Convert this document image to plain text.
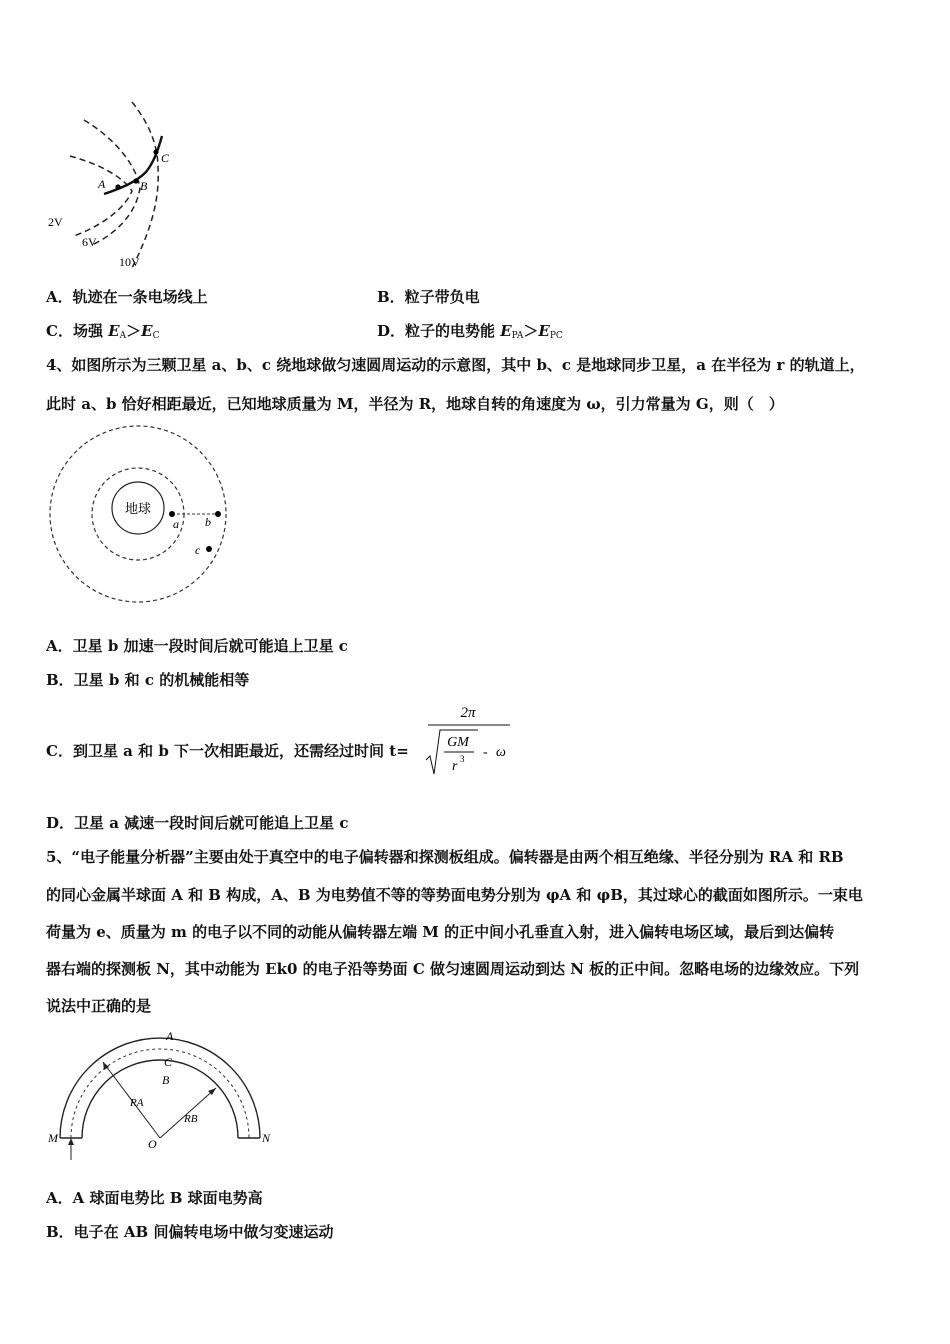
A	B
C
2V
6V
10V
A．轨迹在一条电场线上	B．粒子带负电
C．场强 $E_A>E_C$	D．粒子的电势能 $E_{PA}>E_{PC}$
4、如图所示为三颗卫星 a、b、c 绕地球做匀速圆周运动的示意图，其中 b、c 是地球同步卫星，a 在半径为 r 的轨道上，
此时 a、b 恰好相距最近，已知地球质量为 M，半径为 R，地球自转的角速度为 ω，引力常量为 G，则（　）
地球
a b
c
A．卫星 b 加速一段时间后就可能追上卫星 c
B．卫星 b 和 c 的机械能相等
C．到卫星 a 和 b 下一次相距最近，还需经过时间 t=
2π
GM
r 3 - ω
D．卫星 a 减速一段时间后就可能追上卫星 c
5、“电子能量分析器”主要由处于真空中的电子偏转器和探测板组成。偏转器是由两个相互绝缘、半径分别为 RA 和 RB
的同心金属半球面 A 和 B 构成，A、B 为电势值不等的等势面电势分别为 φA 和 φB，其过球心的截面如图所示。一束电
荷量为 e、质量为 m 的电子以不同的动能从偏转器左端 M 的正中间小孔垂直入射，进入偏转电场区域，最后到达偏转
器右端的探测板 N，其中动能为 Ek0 的电子沿等势面 C 做匀速圆周运动到达 N 板的正中间。忽略电场的边缘效应。下列
说法中正确的是
A
C
B
RA
RB
O
M	N
A．A 球面电势比 B 球面电势高
B．电子在 AB 间偏转电场中做匀变速运动
